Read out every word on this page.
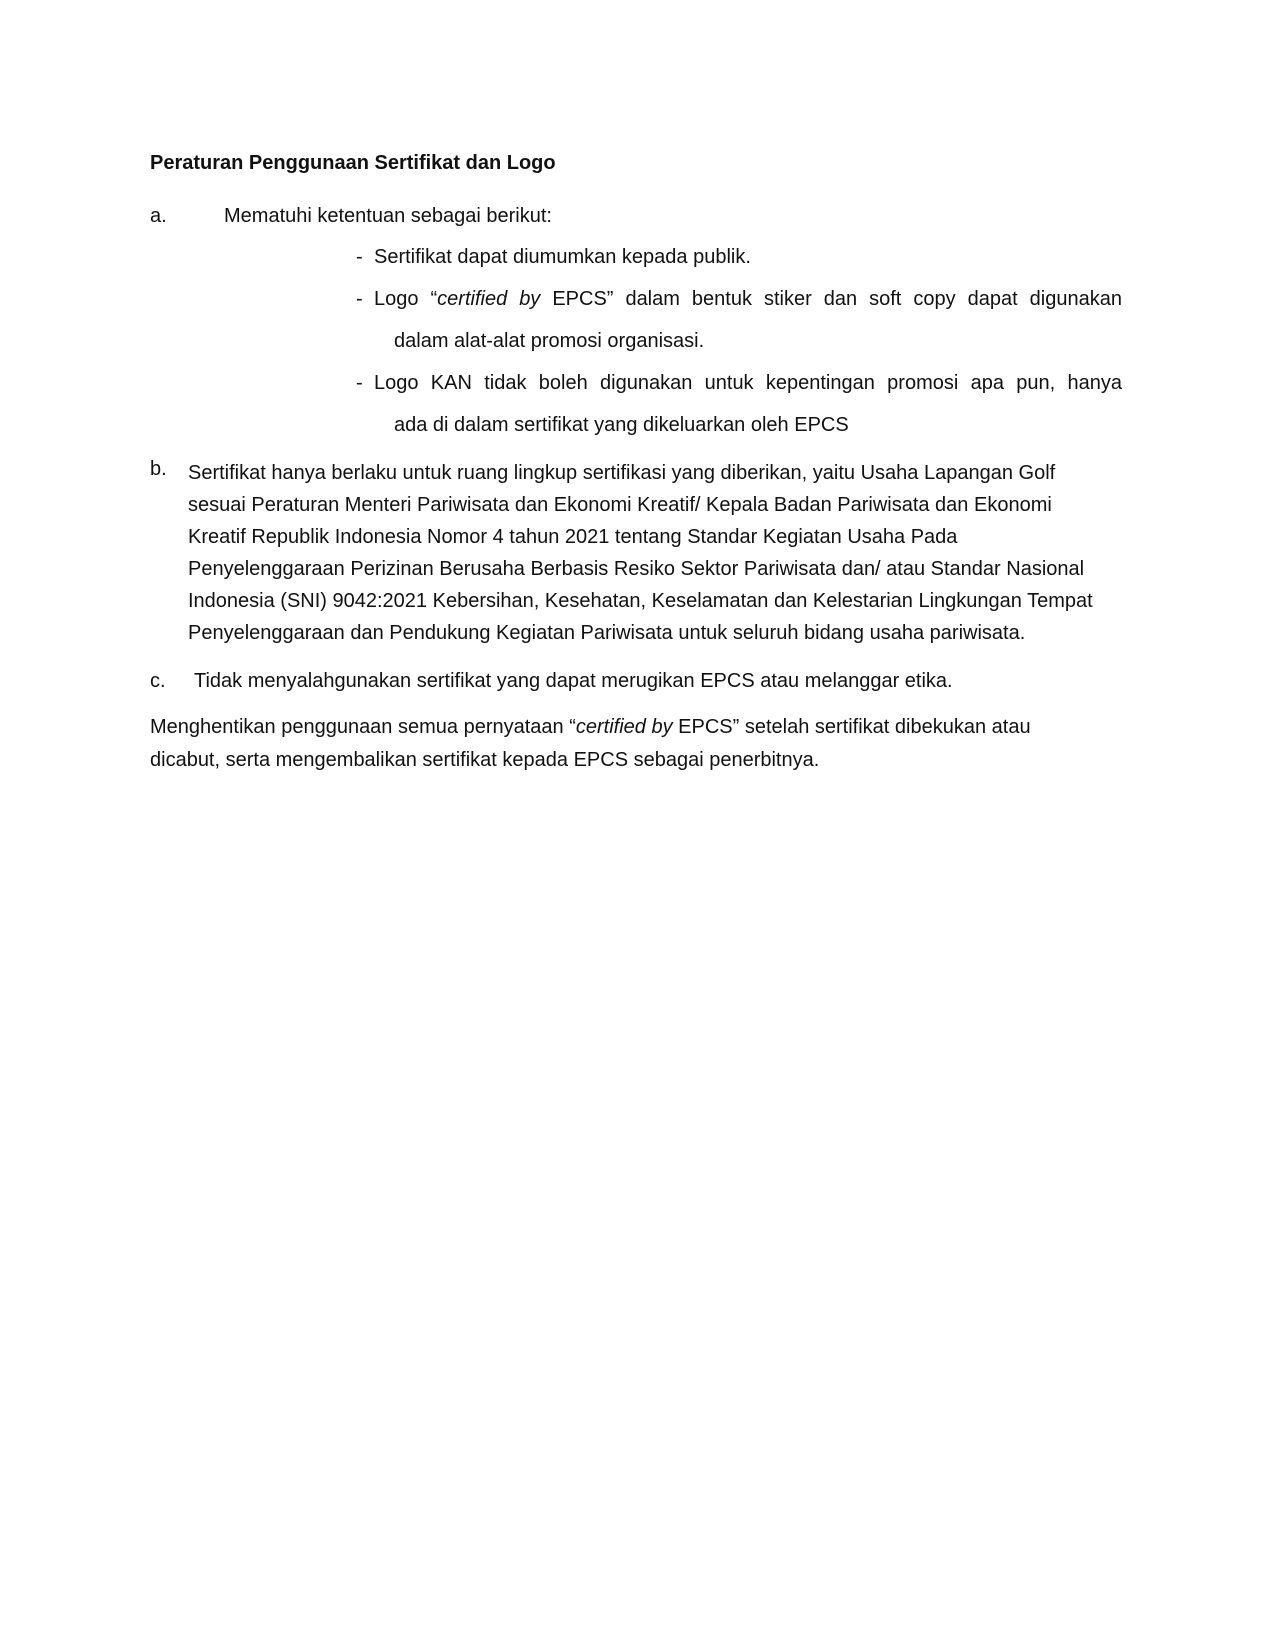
Peraturan Penggunaan Sertifikat dan Logo
a.	Mematuhi ketentuan sebagai berikut:
- Sertifikat dapat diumumkan kepada publik.
- Logo “certified by EPCS” dalam bentuk stiker dan soft copy dapat digunakan
dalam alat-alat promosi organisasi.
- Logo KAN tidak boleh digunakan untuk kepentingan promosi apa pun, hanya
ada di dalam sertifikat yang dikeluarkan oleh EPCS
b. Sertifikat hanya berlaku untuk ruang lingkup sertifikasi yang diberikan, yaitu Usaha Lapangan Golf
sesuai Peraturan Menteri Pariwisata dan Ekonomi Kreatif/ Kepala Badan Pariwisata dan Ekonomi
Kreatif Republik Indonesia Nomor 4 tahun 2021 tentang Standar Kegiatan Usaha Pada
Penyelenggaraan Perizinan Berusaha Berbasis Resiko Sektor Pariwisata dan/ atau Standar Nasional
Indonesia (SNI) 9042:2021 Kebersihan, Kesehatan, Keselamatan dan Kelestarian Lingkungan Tempat
Penyelenggaraan dan Pendukung Kegiatan Pariwisata untuk seluruh bidang usaha pariwisata.
c. Tidak menyalahgunakan sertifikat yang dapat merugikan EPCS atau melanggar etika.
Menghentikan penggunaan semua pernyataan “certified by EPCS” setelah sertifikat dibekukan atau
dicabut, serta mengembalikan sertifikat kepada EPCS sebagai penerbitnya.
